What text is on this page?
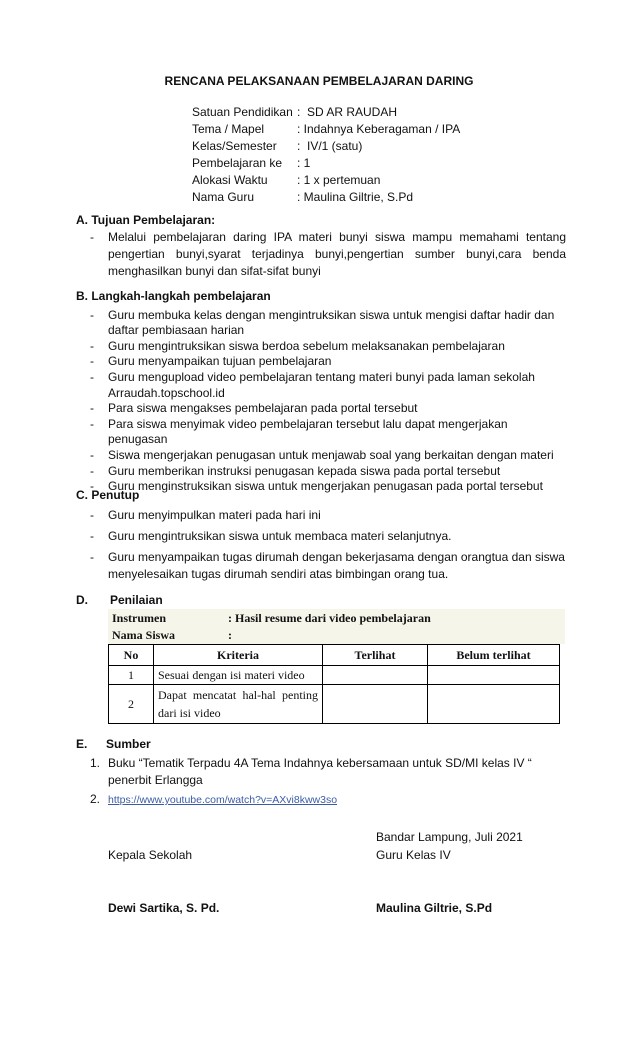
RENCANA PELAKSANAAN PEMBELAJARAN DARING
Satuan Pendidikan :  SD AR RAUDAH
Tema / Mapel	: Indahnya Keberagaman / IPA
Kelas/Semester	:  IV/1 (satu)
Pembelajaran ke	: 1
Alokasi Waktu	: 1 x pertemuan
Nama Guru	: Maulina Giltrie, S.Pd
A. Tujuan Pembelajaran:
- Melalui pembelajaran daring IPA materi bunyi siswa mampu memahami tentang pengertian bunyi,syarat terjadinya bunyi,pengertian sumber bunyi,cara benda menghasilkan bunyi dan sifat-sifat bunyi
B. Langkah-langkah pembelajaran
- Guru membuka kelas dengan mengintruksikan siswa untuk mengisi daftar hadir dan daftar pembiasaan harian
- Guru mengintruksikan siswa berdoa sebelum melaksanakan pembelajaran
- Guru menyampaikan tujuan pembelajaran
- Guru mengupload video pembelajaran tentang materi bunyi pada laman sekolah Arraudah.topschool.id
- Para siswa mengakses pembelajaran pada portal tersebut
- Para siswa menyimak video pembelajaran tersebut lalu dapat mengerjakan penugasan
- Siswa mengerjakan penugasan untuk menjawab soal yang berkaitan dengan materi
- Guru memberikan instruksi penugasan kepada siswa pada portal tersebut
- Guru menginstruksikan siswa untuk mengerjakan penugasan pada portal tersebut
C. Penutup
- Guru menyimpulkan materi pada hari ini
- Guru mengintruksikan siswa untuk membaca materi selanjutnya.
- Guru menyampaikan tugas dirumah dengan bekerjasama dengan orangtua dan siswa menyelesaikan tugas dirumah sendiri atas bimbingan orang tua.
D. Penilaian
Instrumen	: Hasil resume dari video pembelajaran
Nama Siswa	:
No	Kriteria	Terlihat	Belum terlihat
1	Sesuai dengan isi materi video		
2	Dapat mencatat hal-hal penting dari isi video		
E. Sumber
1. Buku “Tematik Terpadu 4A Tema Indahnya kebersamaan untuk SD/MI kelas IV “ penerbit Erlangga
2. https://www.youtube.com/watch?v=AXvi8kww3so
Bandar Lampung, Juli 2021
Kepala Sekolah	Guru Kelas IV
Dewi Sartika, S. Pd.	Maulina Giltrie, S.Pd
